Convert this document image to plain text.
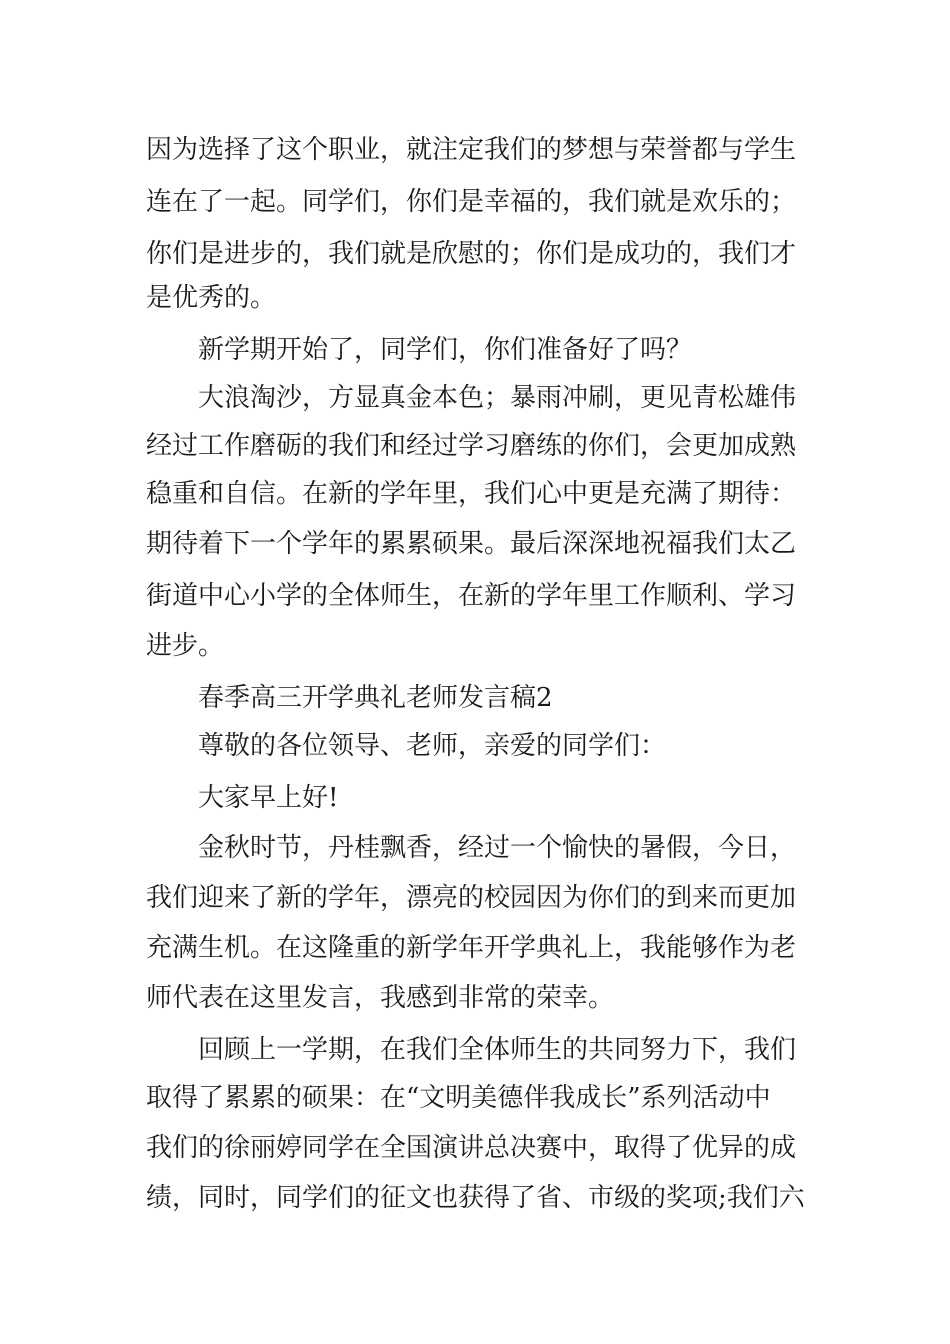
因为选择了这个职业，就注定我们的梦想与荣誉都与学生
连在了一起。同学们，你们是幸福的，我们就是欢乐的；
你们是进步的，我们就是欣慰的；你们是成功的，我们才
是优秀的。
新学期开始了，同学们，你们准备好了吗？
大浪淘沙，方显真金本色；暴雨冲刷，更见青松雄伟
经过工作磨砺的我们和经过学习磨练的你们，会更加成熟
稳重和自信。在新的学年里，我们心中更是充满了期待：
期待着下一个学年的累累硕果。最后深深地祝福我们太乙
街道中心小学的全体师生，在新的学年里工作顺利、学习
进步。
春季高三开学典礼老师发言稿2
尊敬的各位领导、老师，亲爱的同学们：
大家早上好!
金秋时节，丹桂飘香，经过一个愉快的暑假，今日，
我们迎来了新的学年，漂亮的校园因为你们的到来而更加
充满生机。在这隆重的新学年开学典礼上，我能够作为老
师代表在这里发言，我感到非常的荣幸。
回顾上一学期，在我们全体师生的共同努力下，我们
取得了累累的硕果：在“文明美德伴我成长”系列活动中
我们的徐丽婷同学在全国演讲总决赛中，取得了优异的成
绩，同时，同学们的征文也获得了省、市级的奖项;我们六
